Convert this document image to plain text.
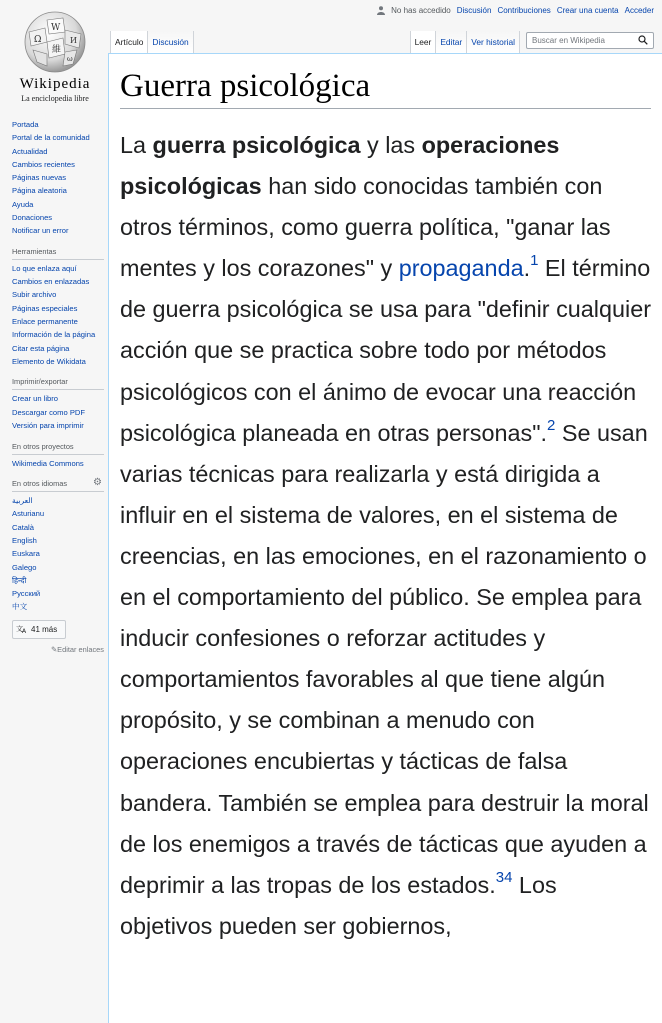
No has accedido Discusión Contribuciones Crear una cuenta Acceder
Ω
W
И
維
ω
Wikipedia
La enciclopedia libre
Portada
Portal de la comunidad
Actualidad
Cambios recientes
Páginas nuevas
Página aleatoria
Ayuda
Donaciones
Notificar un error
Herramientas
Lo que enlaza aquí
Cambios en enlazadas
Subir archivo
Páginas especiales
Enlace permanente
Información de la página
Citar esta página
Elemento de Wikidata
Imprimir/exportar
Crear un libro
Descargar como PDF
Versión para imprimir
En otros proyectos
Wikimedia Commons
En otros idiomas	⚙
العربية
Asturianu
Català
English
Euskara
Galego
हिन्दी
Русский
中文
文 A 41 más
✎Editar enlaces
Artículo	Discusión	Leer	Editar	Ver historial
Buscar en Wikipedia
Guerra psicológica

La guerra psicológica y las operaciones psicológicas han sido conocidas también con otros términos, como guerra política, "ganar las mentes y los corazones" y propaganda.$^1$ El término de guerra psicológica se usa para "definir cualquier acción que se practica sobre todo por métodos psicológicos con el ánimo de evocar una reacción psicológica planeada en otras personas".$^2$ Se usan varias técnicas para realizarla y está dirigida a influir en el sistema de valores, en el sistema de creencias, en las emociones, en el razonamiento o en el comportamiento del público. Se emplea para inducir confesiones o reforzar actitudes y comportamientos favorables al que tiene algún propósito, y se combinan a menudo con operaciones encubiertas y tácticas de falsa bandera. También se emplea para destruir la moral de los enemigos a través de tácticas que ayuden a deprimir a las tropas de los estados.$^{34}$ Los objetivos pueden ser gobiernos,
